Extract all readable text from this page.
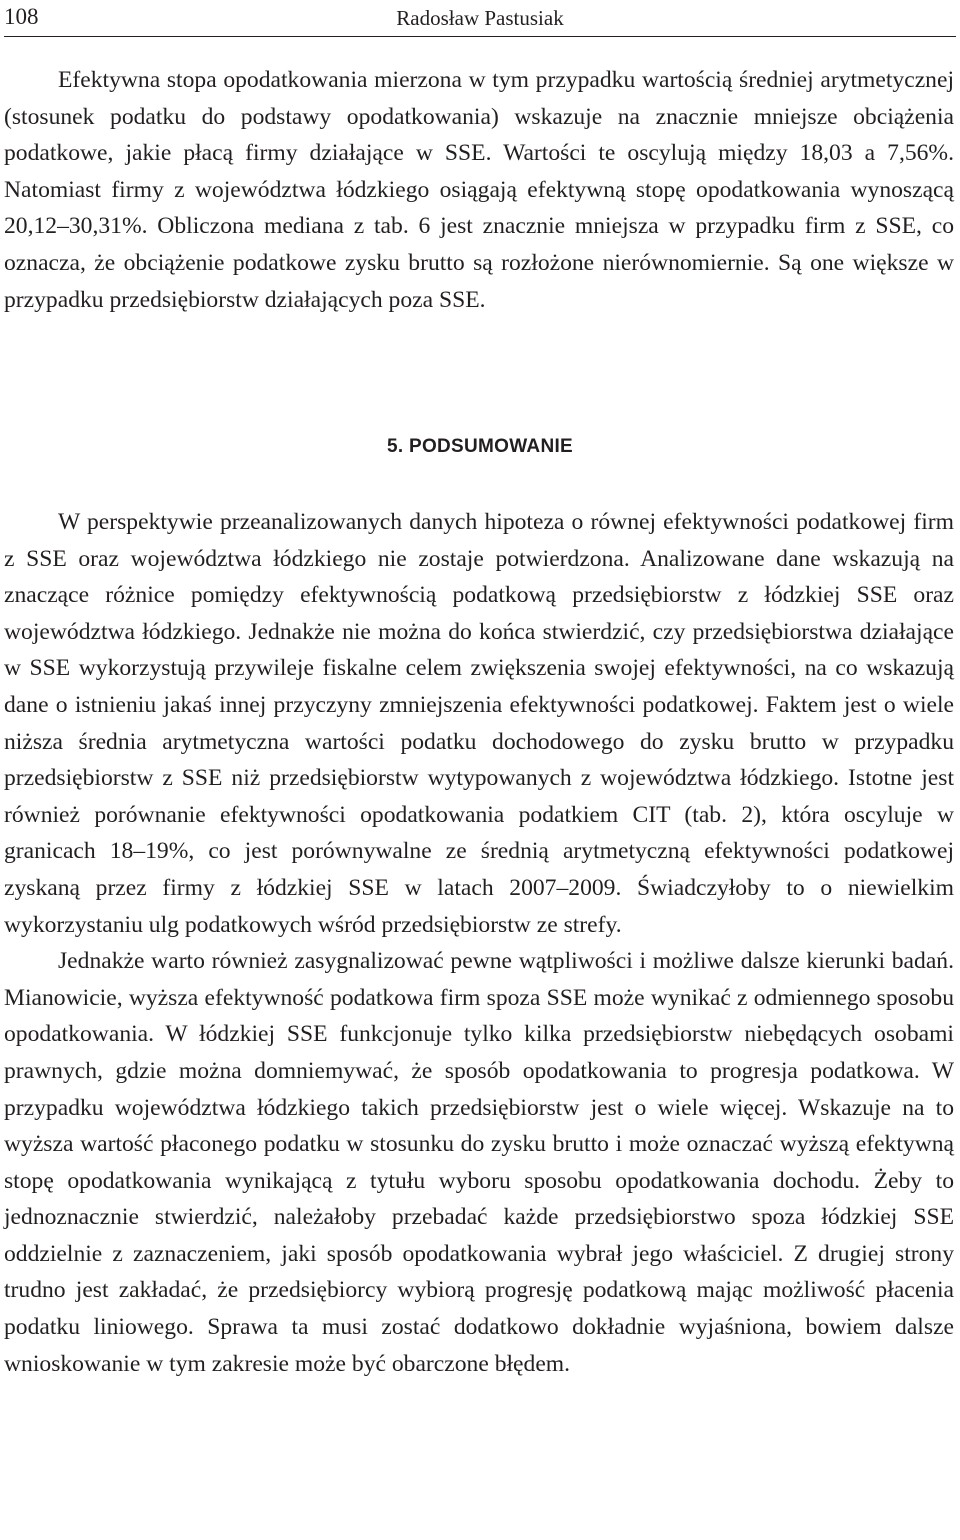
108	Radosław Pastusiak

Efektywna stopa opodatkowania mierzona w tym przypadku wartością średniej arytmetycznej (stosunek podatku do podstawy opodatkowania) wskazuje na znacznie mniejsze obciążenia podatkowe, jakie płacą firmy działające w SSE. Wartości te oscylują między 18,03 a 7,56%. Natomiast firmy z województwa łódzkiego osiągają efektywną stopę opodatkowania wynoszącą 20,12–30,31%. Obliczona mediana z tab. 6 jest znacznie mniejsza w przypadku firm z SSE, co oznacza, że obciążenie podatkowe zysku brutto są rozłożone nierównomiernie. Są one większe w przypadku przedsiębiorstw działających poza SSE.

5. PODSUMOWANIE

W perspektywie przeanalizowanych danych hipoteza o równej efektywności podatkowej firm z SSE oraz województwa łódzkiego nie zostaje potwierdzona. Analizowane dane wskazują na znaczące różnice pomiędzy efektywnością podatkową przedsiębiorstw z łódzkiej SSE oraz województwa łódzkiego. Jednakże nie można do końca stwierdzić, czy przedsiębiorstwa działające w SSE wykorzystują przywileje fiskalne celem zwiększenia swojej efektywności, na co wskazują dane o istnieniu jakaś innej przyczyny zmniejszenia efektywności podatkowej. Faktem jest o wiele niższa średnia arytmetyczna wartości podatku dochodowego do zysku brutto w przypadku przedsiębiorstw z SSE niż przedsiębiorstw wytypowanych z województwa łódzkiego. Istotne jest również porównanie efektywności opodatkowania podatkiem CIT (tab. 2), która oscyluje w granicach 18–19%, co jest porównywalne ze średnią arytmetyczną efektywności podatkowej zyskaną przez firmy z łódzkiej SSE w latach 2007–2009. Świadczyłoby to o niewielkim wykorzystaniu ulg podatkowych wśród przedsiębiorstw ze strefy.

Jednakże warto również zasygnalizować pewne wątpliwości i możliwe dalsze kierunki badań. Mianowicie, wyższa efektywność podatkowa firm spoza SSE może wynikać z odmiennego sposobu opodatkowania. W łódzkiej SSE funkcjonuje tylko kilka przedsiębiorstw niebędących osobami prawnych, gdzie można domniemywać, że sposób opodatkowania to progresja podatkowa. W przypadku województwa łódzkiego takich przedsiębiorstw jest o wiele więcej. Wskazuje na to wyższa wartość płaconego podatku w stosunku do zysku brutto i może oznaczać wyższą efektywną stopę opodatkowania wynikającą z tytułu wyboru sposobu opodatkowania dochodu. Żeby to jednoznacznie stwierdzić, należałoby przebadać każde przedsiębiorstwo spoza łódzkiej SSE oddzielnie z zaznaczeniem, jaki sposób opodatkowania wybrał jego właściciel. Z drugiej strony trudno jest zakładać, że przedsiębiorcy wybiorą progresję podatkową mając możliwość płacenia podatku liniowego. Sprawa ta musi zostać dodatkowo dokładnie wyjaśniona, bowiem dalsze wnioskowanie w tym zakresie może być obarczone błędem.
